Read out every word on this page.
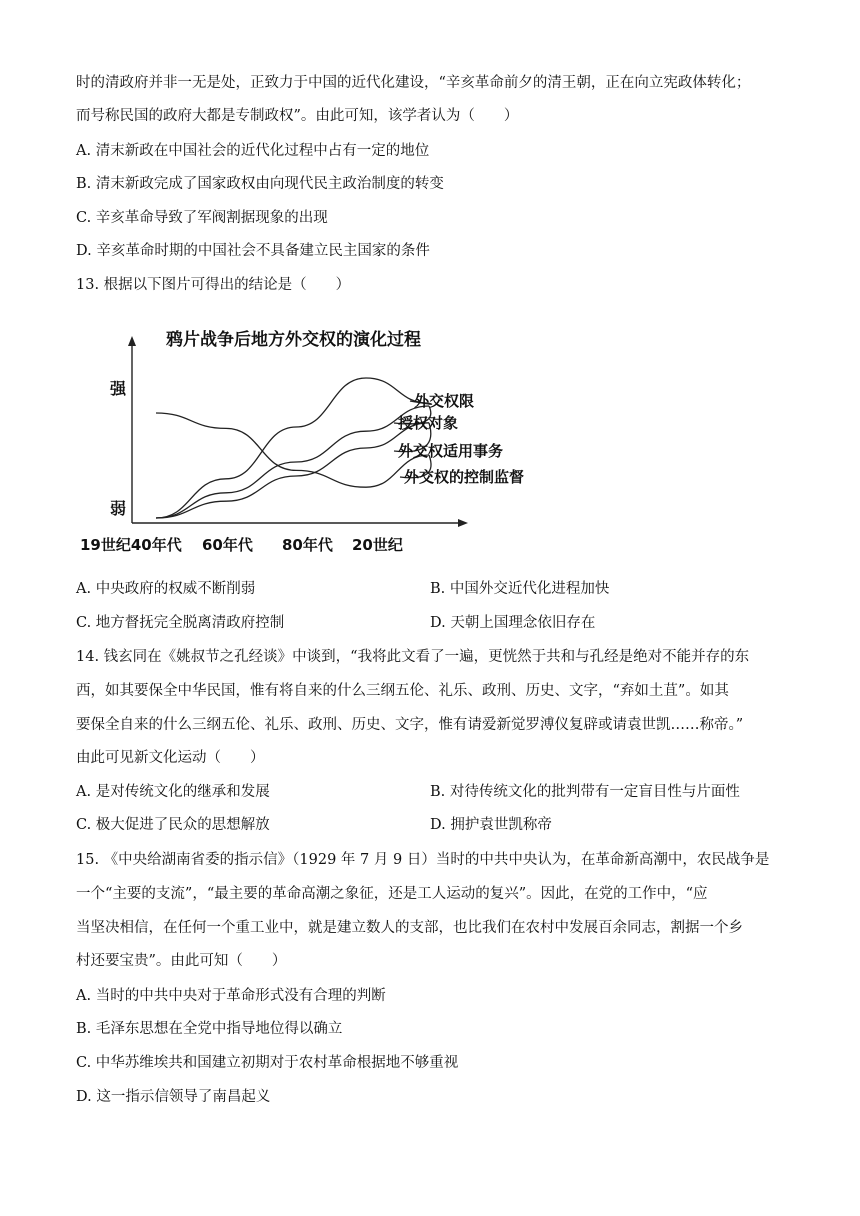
时的清政府并非一无是处，正致力于中国的近代化建设，“辛亥革命前夕的清王朝，正在向立宪政体转化；
而号称民国的政府大都是专制政权”。由此可知，该学者认为（　　）
A. 清末新政在中国社会的近代化过程中占有一定的地位
B. 清末新政完成了国家政权由向现代民主政治制度的转变
C. 辛亥革命导致了军阀割据现象的出现
D. 辛亥革命时期的中国社会不具备建立民主国家的条件
13. 根据以下图片可得出的结论是（　　）
鸦片战争后地方外交权的演化过程
强
弱
外交权限
授权对象
外交权适用事务
外交权的控制监督
19世纪40年代 60年代 80年代 20世纪
A. 中央政府的权威不断削弱	B. 中国外交近代化进程加快
C. 地方督抚完全脱离清政府控制	D. 天朝上国理念依旧存在
14. 钱玄同在《姚叔节之孔经谈》中谈到，“我将此文看了一遍，更恍然于共和与孔经是绝对不能并存的东
西，如其要保全中华民国，惟有将自来的什么三纲五伦、礼乐、政刑、历史、文字，“弃如土苴”。如其
要保全自来的什么三纲五伦、礼乐、政刑、历史、文字，惟有请爱新觉罗溥仪复辟或请袁世凯……称帝。”
由此可见新文化运动（　　）
A. 是对传统文化的继承和发展	B. 对待传统文化的批判带有一定盲目性与片面性
C. 极大促进了民众的思想解放	D. 拥护袁世凯称帝
15. 《中央给湖南省委的指示信》（1929 年 7 月 9 日）当时的中共中央认为，在革命新高潮中，农民战争是
一个“主要的支流”，“最主要的革命高潮之象征，还是工人运动的复兴”。因此，在党的工作中，“应
当坚决相信，在任何一个重工业中，就是建立数人的支部，也比我们在农村中发展百余同志，割据一个乡
村还要宝贵”。由此可知（　　）
A. 当时的中共中央对于革命形式没有合理的判断
B. 毛泽东思想在全党中指导地位得以确立
C. 中华苏维埃共和国建立初期对于农村革命根据地不够重视
D. 这一指示信领导了南昌起义
